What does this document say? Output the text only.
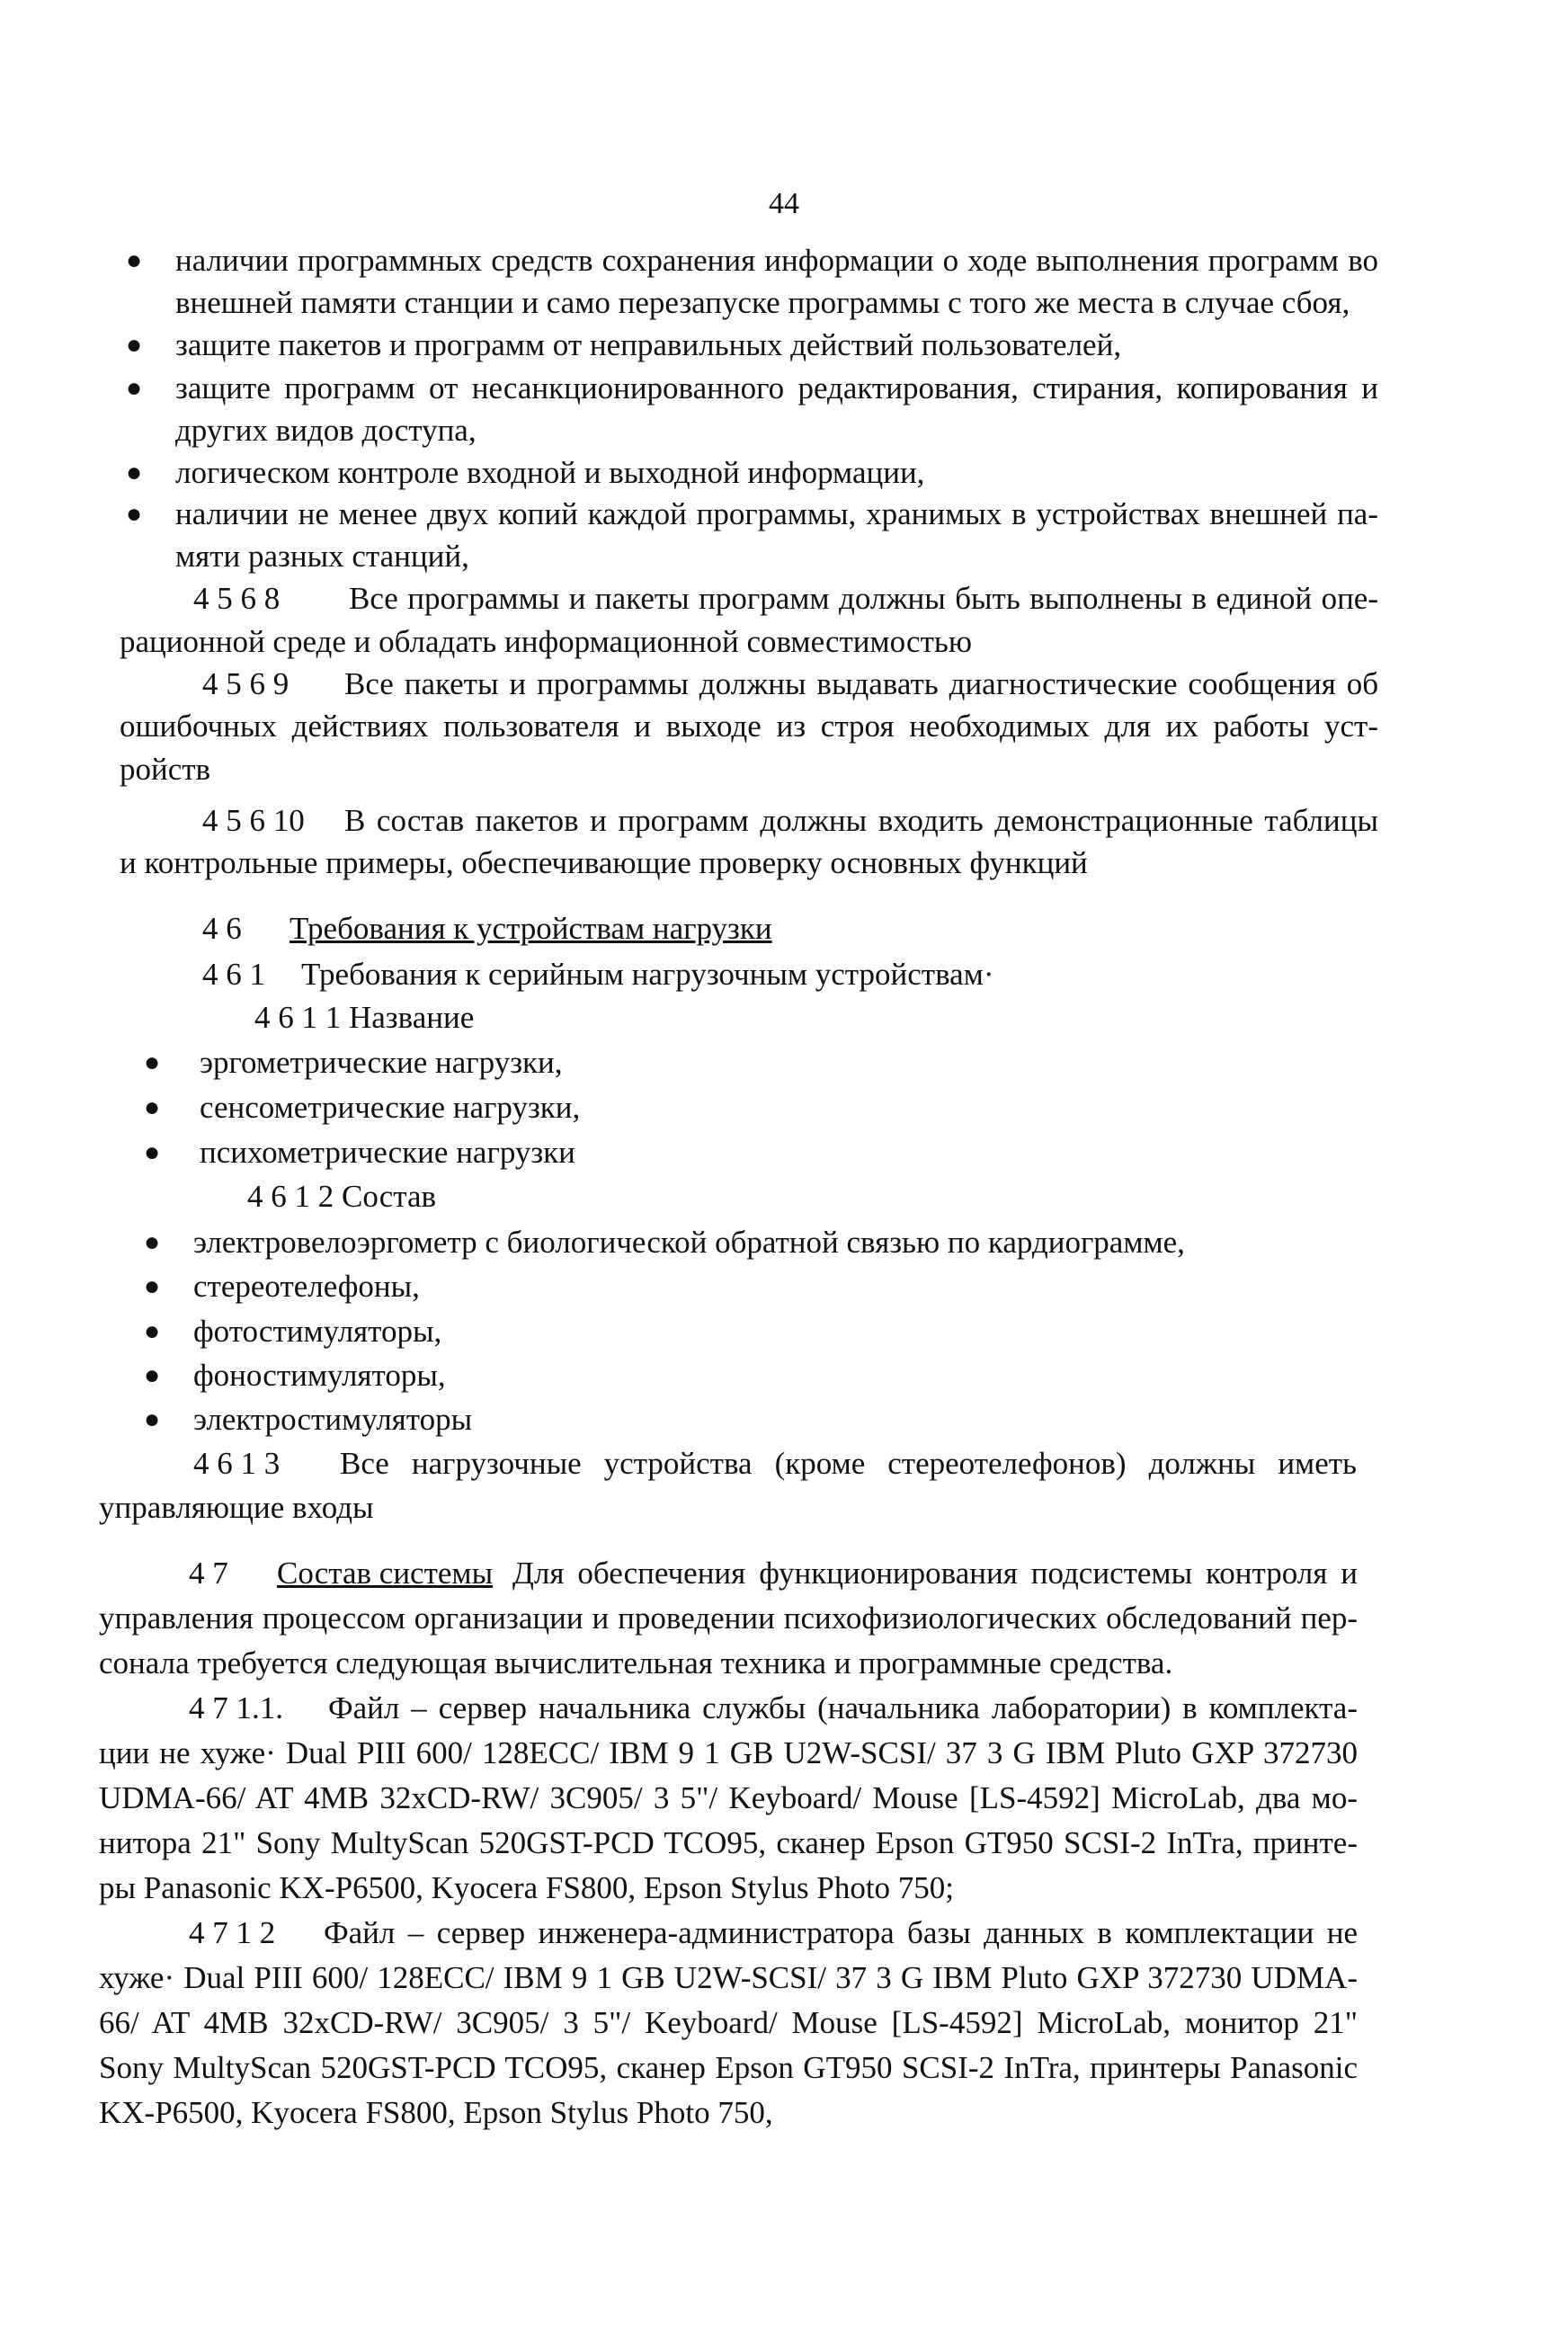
44
● наличии программных средств сохранения информации о ходе выполнения программ во
внешней памяти станции и само перезапуске программы с того же места в случае сбоя,
● защите пакетов и программ от неправильных действий пользователей,
● защите программ от несанкционированного редактирования, стирания, копирования и
других видов доступа,
● логическом контроле входной и выходной информации,
● наличии не менее двух копий каждой программы, хранимых в устройствах внешней па-
мяти разных станций,
4 5 6 8 Все программы и пакеты программ должны быть выполнены в единой опе-
рационной среде и обладать информационной совместимостью
4 5 6 9 Все пакеты и программы должны выдавать диагностические сообщения об
ошибочных действиях пользователя и выходе из строя необходимых для их работы уст-
ройств
4 5 6 10 В состав пакетов и программ должны входить демонстрационные таблицы
и контрольные примеры, обеспечивающие проверку основных функций
4 6 Требования к устройствам нагрузки
4 6 1 Требования к серийным нагрузочным устройствам·
4 6 1 1 Название
● эргометрические нагрузки,
● сенсометрические нагрузки,
● психометрические нагрузки
4 6 1 2 Состав
● электровелоэргометр с биологической обратной связью по кардиограмме,
● стереотелефоны,
● фотостимуляторы,
● фоностимуляторы,
● электростимуляторы
4 6 1 3 Все нагрузочные устройства (кроме стереотелефонов) должны иметь
управляющие входы
4 7 Состав системы Для обеспечения функционирования подсистемы контроля и
управления процессом организации и проведении психофизиологических обследований пер-
сонала требуется следующая вычислительная техника и программные средства.
4 7 1.1. Файл – сервер начальника службы (начальника лаборатории) в комплекта-
ции не хуже· Dual PIII 600/ 128ECC/ IBM 9 1 GB U2W-SCSI/ 37 3 G IBM Pluto GXP 372730
UDMA-66/ AT 4MB 32xCD-RW/ 3C905/ 3 5"/ Keyboard/ Mouse [LS-4592] MicroLab, два мо-
нитора 21" Sony MultyScan 520GST-PCD TCO95, сканер Epson GT950 SCSI-2 InTra, принте-
ры Panasonic KX-P6500, Kyocera FS800, Epson Stylus Photo 750;
4 7 1 2 Файл – сервер инженера-администратора базы данных в комплектации не
хуже· Dual PIII 600/ 128ECC/ IBM 9 1 GB U2W-SCSI/ 37 3 G IBM Pluto GXP 372730 UDMA-
66/ AT 4MB 32xCD-RW/ 3C905/ 3 5"/ Keyboard/ Mouse [LS-4592] MicroLab, монитор 21"
Sony MultyScan 520GST-PCD TCO95, сканер Epson GT950 SCSI-2 InTra, принтеры Panasonic
KX-P6500, Kyocera FS800, Epson Stylus Photo 750,
